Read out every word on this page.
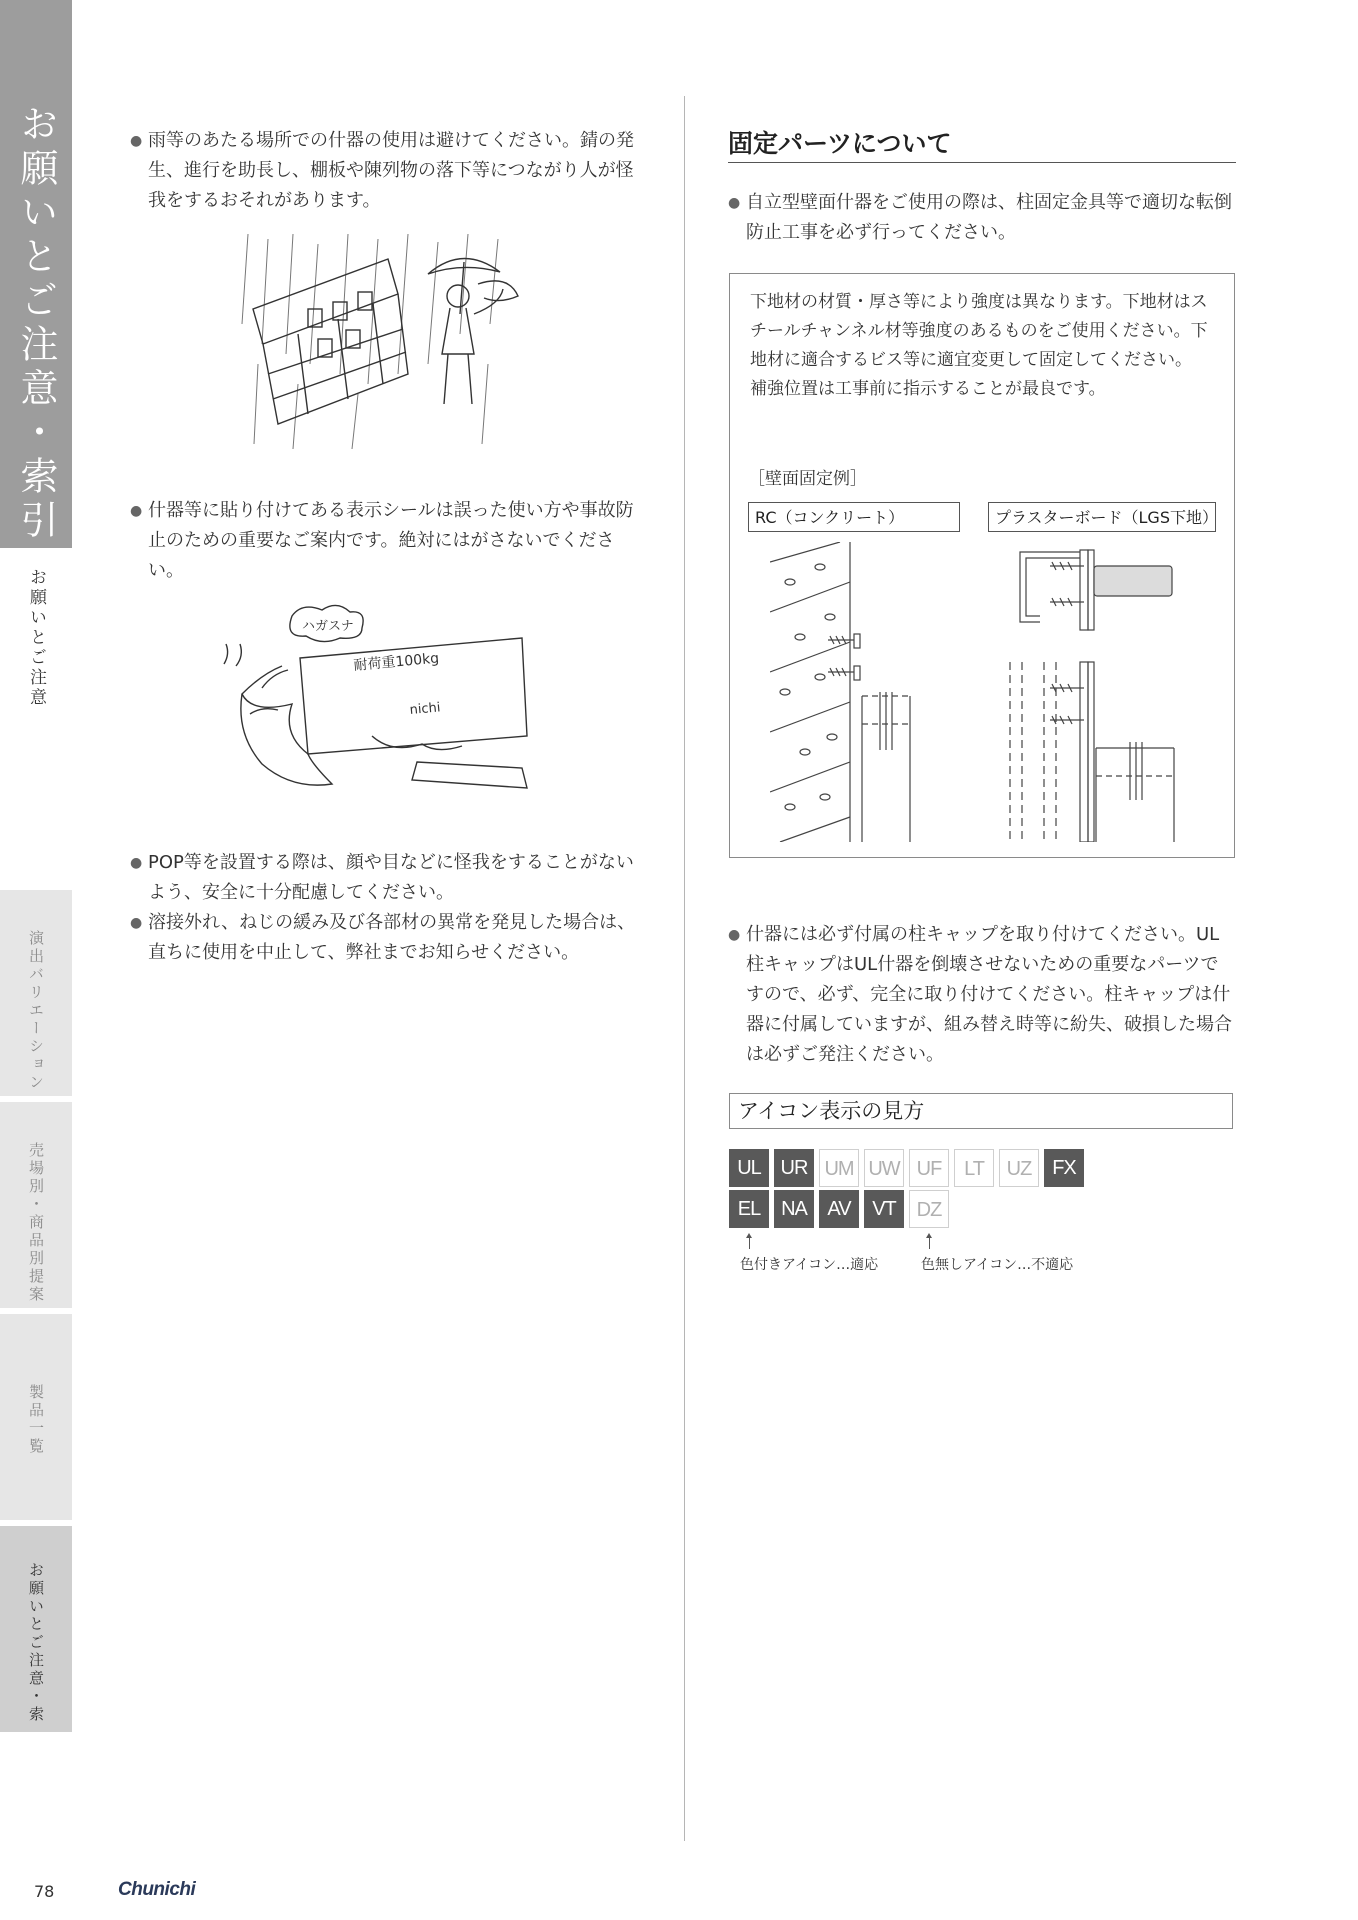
お願いとご注意・索引
お願いとご注意
演出バリエーション
売場別・商品別提案
製品一覧
お願いとご注意・索
● 雨等のあたる場所での什器の使用は避けてください。錆の発生、進行を助長し、棚板や陳列物の落下等につながり人が怪我をするおそれがあります。
● 什器等に貼り付けてある表示シールは誤った使い方や事故防止のための重要なご案内です。絶対にはがさないでください。
ハガスナ
耐荷重100kg
nichi
● POP等を設置する際は、顔や目などに怪我をすることがないよう、安全に十分配慮してください。
● 溶接外れ、ねじの緩み及び各部材の異常を発見した場合は、直ちに使用を中止して、弊社までお知らせください。
固定パーツについて
● 自立型壁面什器をご使用の際は、柱固定金具等で適切な転倒防止工事を必ず行ってください。
下地材の材質・厚さ等により強度は異なります。下地材はスチールチャンネル材等強度のあるものをご使用ください。下地材に適合するビス等に適宜変更して固定してください。
補強位置は工事前に指示することが最良です。
［壁面固定例］
RC（コンクリート）	プラスターボード（LGS下地）
● 什器には必ず付属の柱キャップを取り付けてください。UL柱キャップはUL什器を倒壊させないための重要なパーツですので、必ず、完全に取り付けてください。柱キャップは什器に付属していますが、組み替え時等に紛失、破損した場合は必ずご発注ください。
アイコン表示の見方
UL UR UM UW UF	LT	UZ	FX
EL	NA	AV	VT	DZ
色付きアイコン…適応	色無しアイコン…不適応
78	Chunichi
